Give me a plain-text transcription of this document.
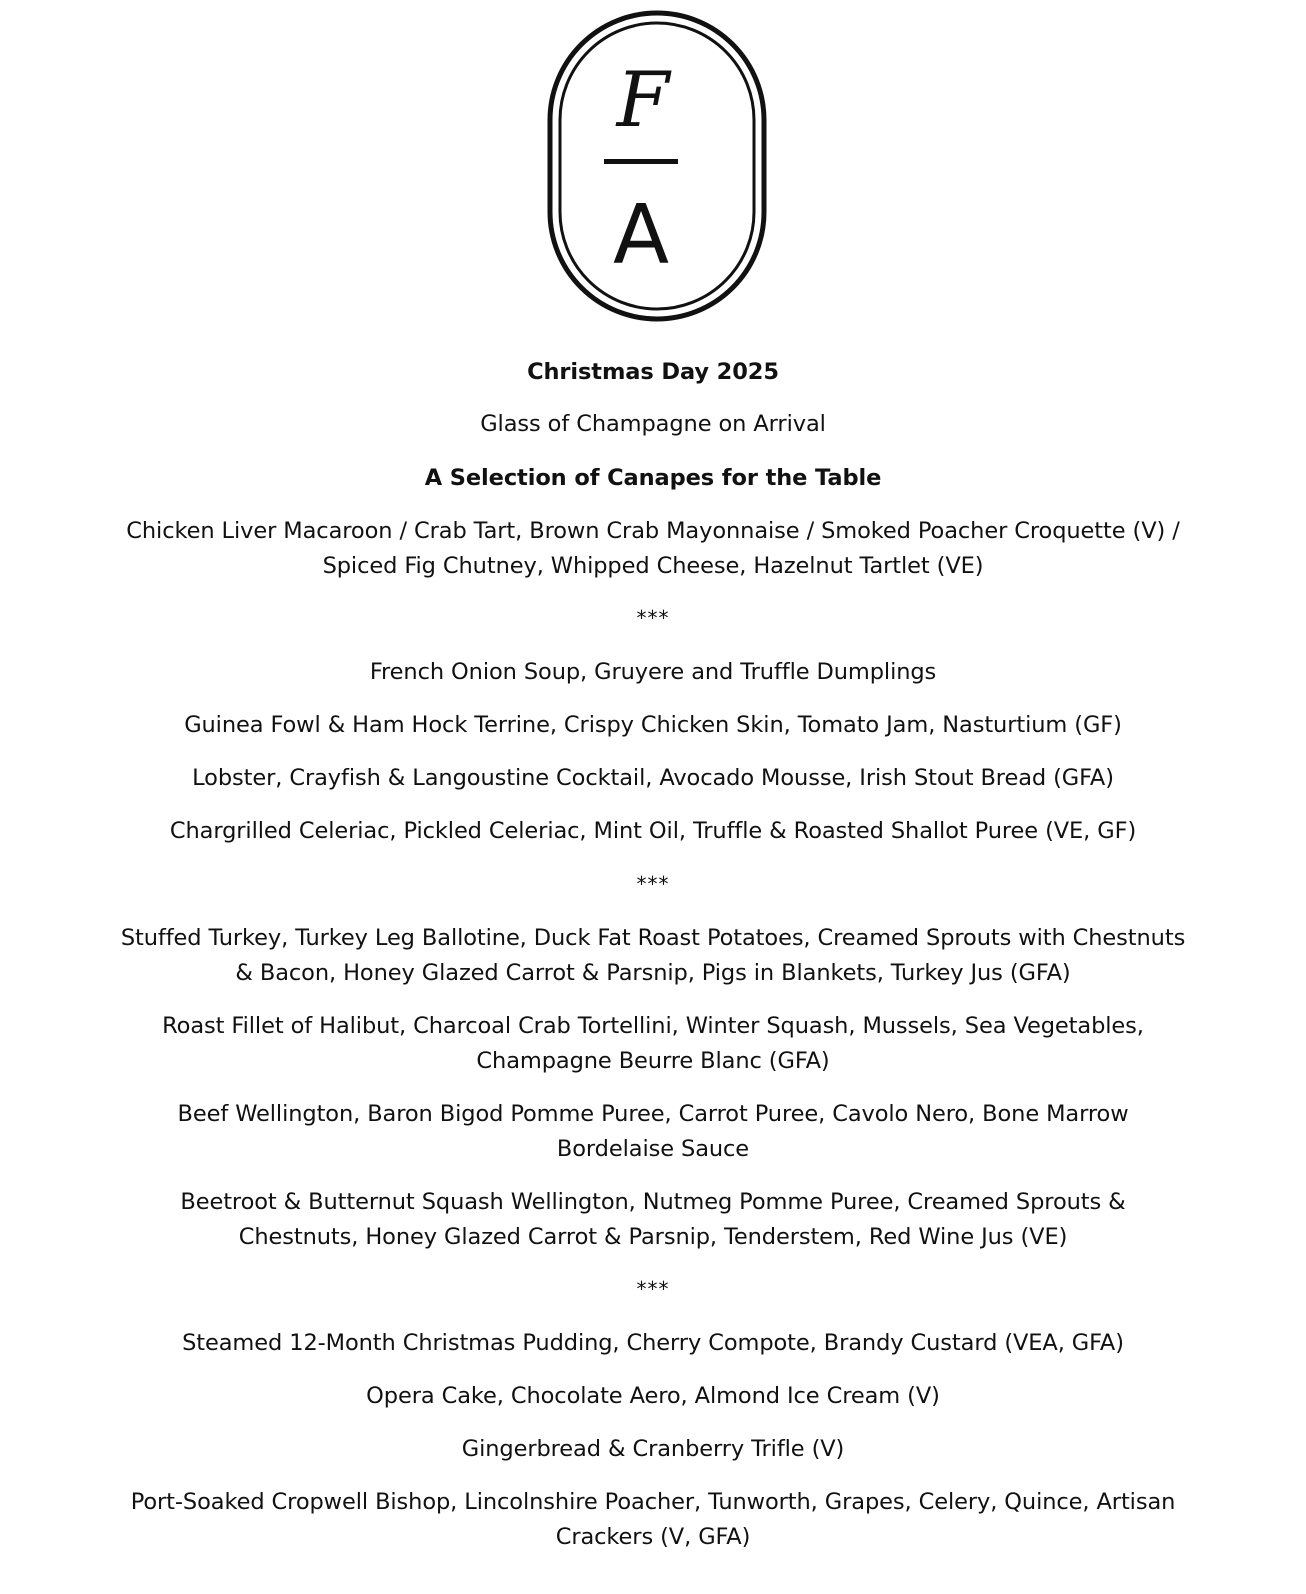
F
A
Christmas Day 2025
Glass of Champagne on Arrival
A Selection of Canapes for the Table
Chicken Liver Macaroon / Crab Tart, Brown Crab Mayonnaise / Smoked Poacher Croquette (V) /
Spiced Fig Chutney, Whipped Cheese, Hazelnut Tartlet (VE)
***
French Onion Soup, Gruyere and Truffle Dumplings
Guinea Fowl & Ham Hock Terrine, Crispy Chicken Skin, Tomato Jam, Nasturtium (GF)
Lobster, Crayfish & Langoustine Cocktail, Avocado Mousse, Irish Stout Bread (GFA)
Chargrilled Celeriac, Pickled Celeriac, Mint Oil, Truffle & Roasted Shallot Puree (VE, GF)
***
Stuffed Turkey, Turkey Leg Ballotine, Duck Fat Roast Potatoes, Creamed Sprouts with Chestnuts
& Bacon, Honey Glazed Carrot & Parsnip, Pigs in Blankets, Turkey Jus (GFA)
Roast Fillet of Halibut, Charcoal Crab Tortellini, Winter Squash, Mussels, Sea Vegetables,
Champagne Beurre Blanc (GFA)
Beef Wellington, Baron Bigod Pomme Puree, Carrot Puree, Cavolo Nero, Bone Marrow
Bordelaise Sauce
Beetroot & Butternut Squash Wellington, Nutmeg Pomme Puree, Creamed Sprouts &
Chestnuts, Honey Glazed Carrot & Parsnip, Tenderstem, Red Wine Jus (VE)
***
Steamed 12-Month Christmas Pudding, Cherry Compote, Brandy Custard (VEA, GFA)
Opera Cake, Chocolate Aero, Almond Ice Cream (V)
Gingerbread & Cranberry Trifle (V)
Port-Soaked Cropwell Bishop, Lincolnshire Poacher, Tunworth, Grapes, Celery, Quince, Artisan
Crackers (V, GFA)
